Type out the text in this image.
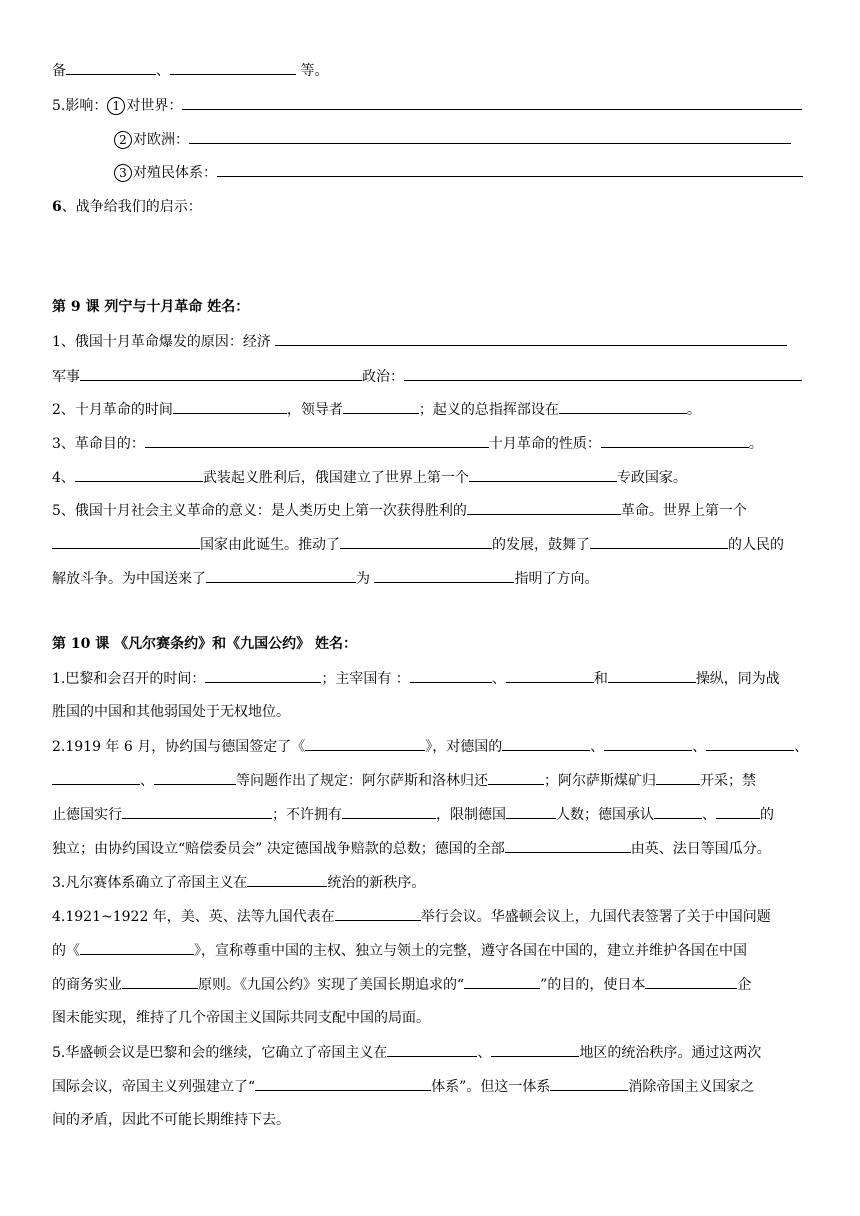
备	、	等。
5.影响： 1 对世界：
2 对欧洲：
3 对殖民体系：
6、战争给我们的启示：
第 9 课 列宁与十月革命 姓名：
1、俄国十月革命爆发的原因：经济
军事	政治：
2、十月革命的时间	，领导者	；起义的总指挥部设在	。
3、革命目的：	十月革命的性质：	。
4、	武装起义胜利后，俄国建立了世界上第一个	专政国家。
5、俄国十月社会主义革命的意义：是人类历史上第一次获得胜利的	革命。世界上第一个
国家由此诞生。推动了	的发展，鼓舞了	的人民的
解放斗争。为中国送来了	为	指明了方向。
第 10 课 《凡尔赛条约》和《九国公约》 姓名：
1.巴黎和会召开的时间：	；主宰国有 ：	、	和	操纵，同为战
胜国的中国和其他弱国处于无权地位。
2.1919 年 6 月，协约国与德国签定了《	》，对德国的	、	、	、
、	等问题作出了规定：阿尔萨斯和洛林归还	；阿尔萨斯煤矿归	开采；禁
止德国实行	；不许拥有	，限制德国	人数；德国承认	、	的
独立；由协约国设立“赔偿委员会” 决定德国战争赔款的总数；德国的全部	由英、法日等国瓜分。
3.凡尔赛体系确立了帝国主义在	统治的新秩序。
4.1921~1922 年，美、英、法等九国代表在	举行会议。华盛顿会议上，九国代表签署了关于中国问题
的《	》，宣称尊重中国的主权、独立与领土的完整，遵守各国在中国的，建立并维护各国在中国
的商务实业	原则。《九国公约》实现了美国长期追求的“	”的目的，使日本	企
图未能实现，维持了几个帝国主义国际共同支配中国的局面。
5.华盛顿会议是巴黎和会的继续，它确立了帝国主义在	、	地区的统治秩序。通过这两次
国际会议，帝国主义列强建立了“	体系”。但这一体系	消除帝国主义国家之
间的矛盾，因此不可能长期维持下去。
